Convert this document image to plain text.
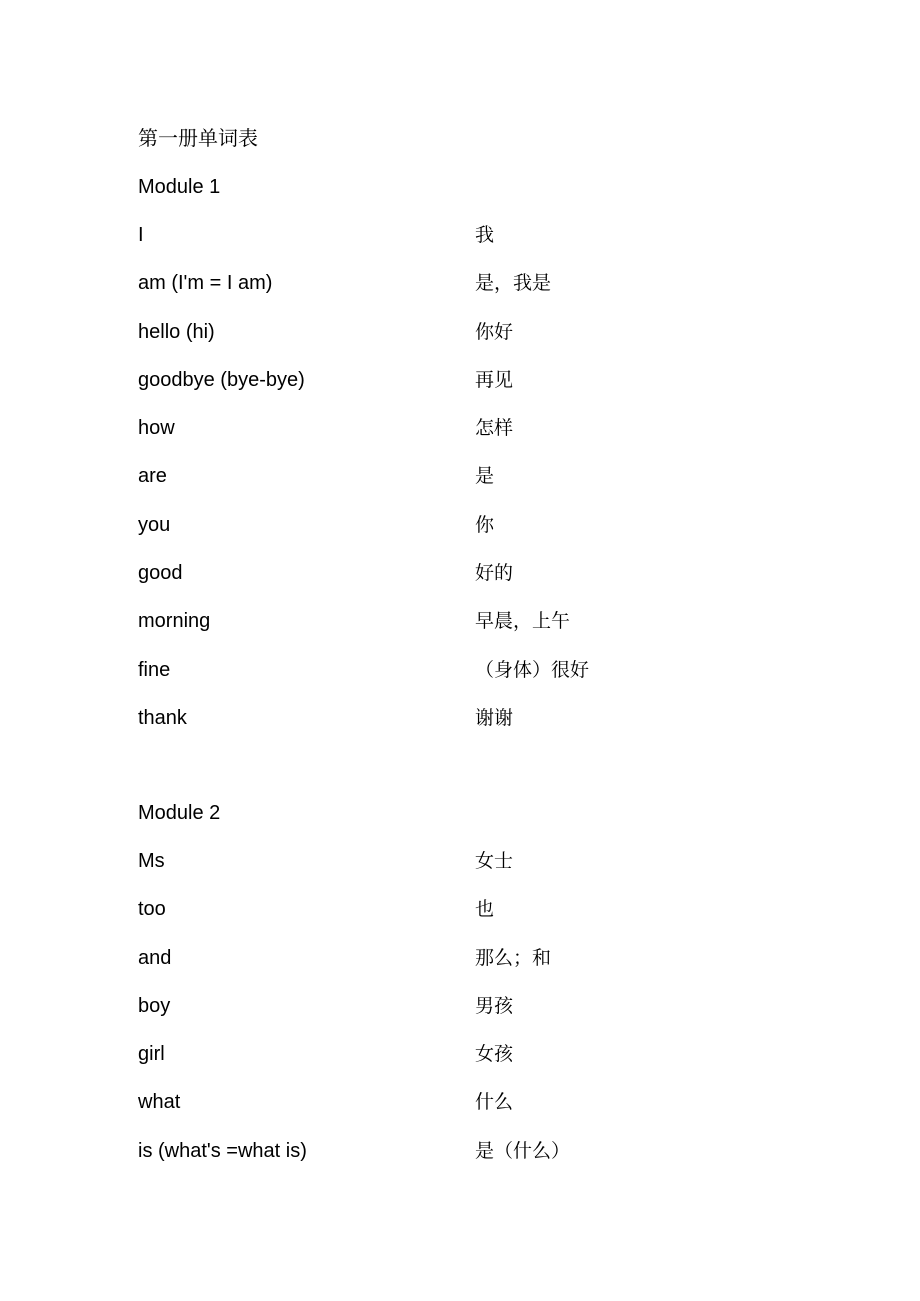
第一册单词表
Module 1
I	我
am (I'm = I am)	是，我是
hello (hi)	你好
goodbye (bye-bye)	再见
how	怎样
are	是
you	你
good	好的
morning	早晨，上午
fine	（身体）很好
thank	谢谢
Module 2
Ms	女士
too	也
and	那么；和
boy	男孩
girl	女孩
what	什么
is (what's =what is)	是（什么）
